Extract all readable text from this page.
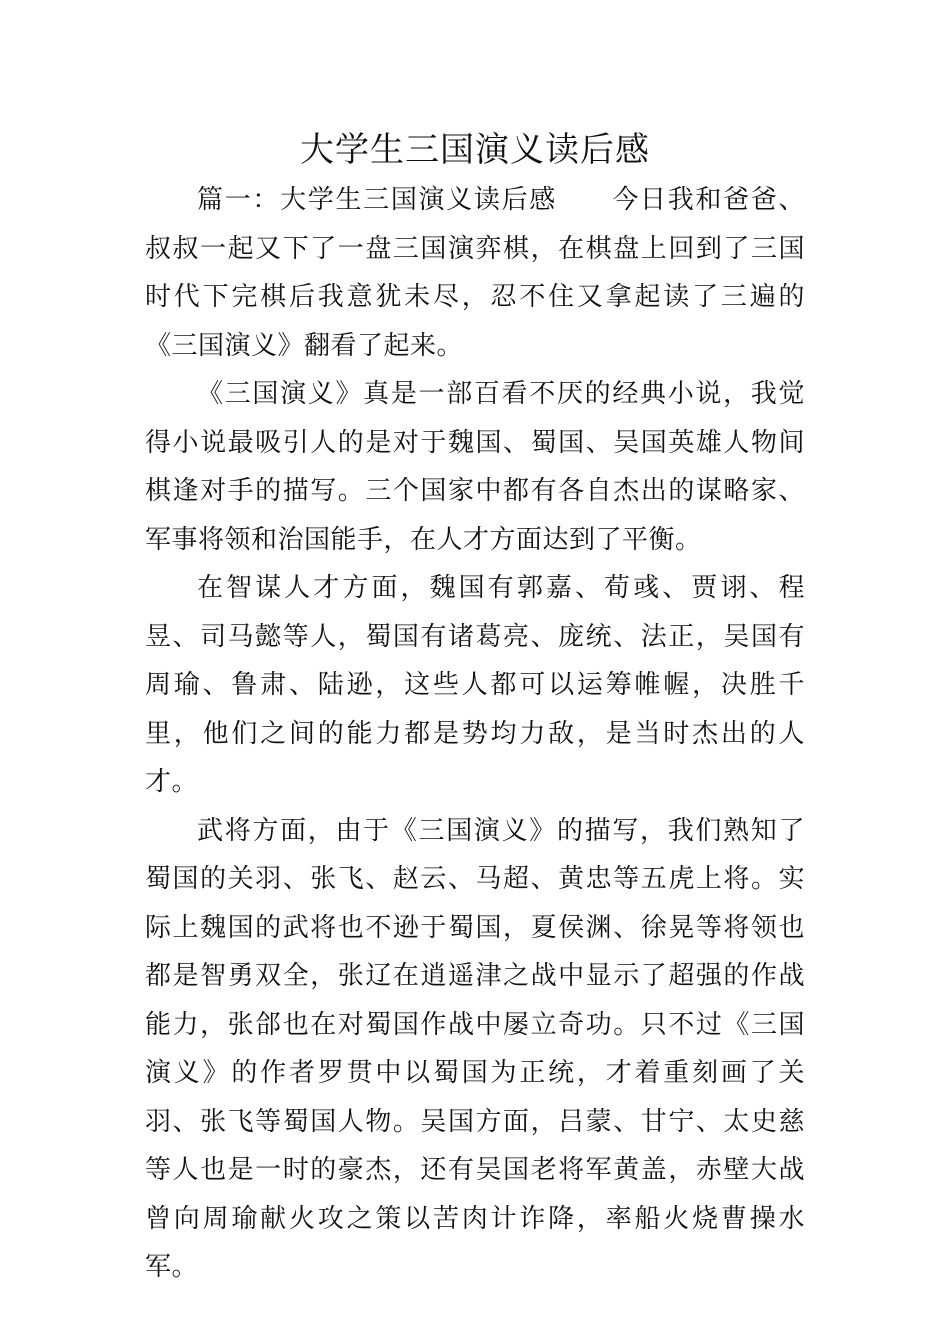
大学生三国演义读后感

篇一：大学生三国演义读后感　　今日我和爸爸、叔叔一起又下了一盘三国演弈棋，在棋盘上回到了三国时代下完棋后我意犹未尽，忍不住又拿起读了三遍的《三国演义》翻看了起来。

《三国演义》真是一部百看不厌的经典小说，我觉得小说最吸引人的是对于魏国、蜀国、吴国英雄人物间棋逢对手的描写。三个国家中都有各自杰出的谋略家、军事将领和治国能手，在人才方面达到了平衡。

在智谋人才方面，魏国有郭嘉、荀彧、贾诩、程昱、司马懿等人，蜀国有诸葛亮、庞统、法正，吴国有周瑜、鲁肃、陆逊，这些人都可以运筹帷幄，决胜千里，他们之间的能力都是势均力敌，是当时杰出的人才。

武将方面，由于《三国演义》的描写，我们熟知了蜀国的关羽、张飞、赵云、马超、黄忠等五虎上将。实际上魏国的武将也不逊于蜀国，夏侯渊、徐晃等将领也都是智勇双全，张辽在逍遥津之战中显示了超强的作战能力，张郃也在对蜀国作战中屡立奇功。只不过《三国演义》的作者罗贯中以蜀国为正统，才着重刻画了关羽、张飞等蜀国人物。吴国方面，吕蒙、甘宁、太史慈等人也是一时的豪杰，还有吴国老将军黄盖，赤壁大战曾向周瑜献火攻之策以苦肉计诈降，率船火烧曹操水军。
